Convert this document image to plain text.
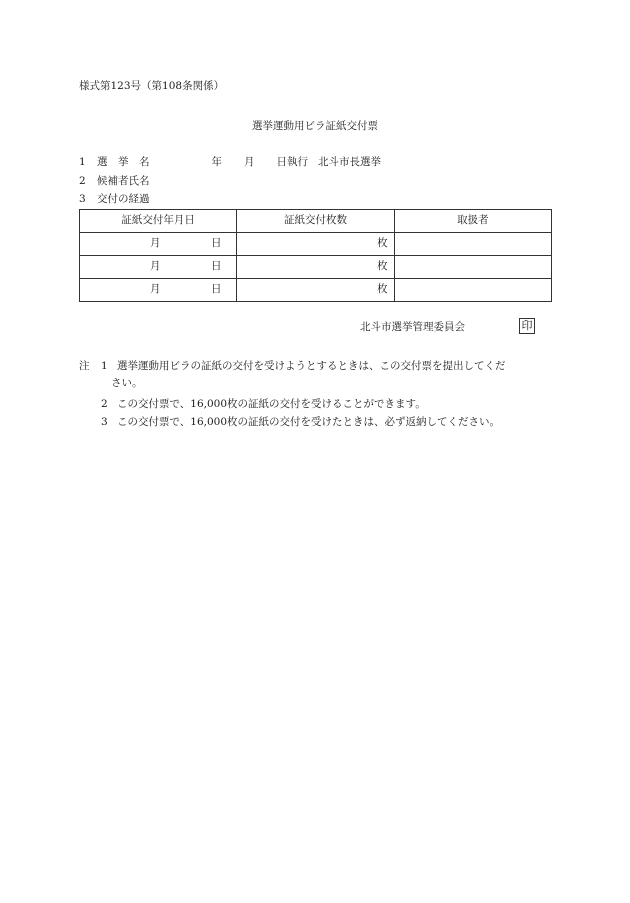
様式第123号（第108条関係）
選挙運動用ビラ証紙交付票
1 選　挙　名	年 月 日執行 北斗市長選挙
2 候補者氏名
3 交付の経過
証紙交付年月日	証紙交付枚数	取扱者

月 日	枚	

月 日	枚	

月 日	枚	
北斗市選挙管理委員会	印
注 1 選挙運動用ビラの証紙の交付を受けようとするときは、この交付票を提出してくだ
さい。
2 この交付票で、16,000枚の証紙の交付を受けることができます。
3 この交付票で、16,000枚の証紙の交付を受けたときは、必ず返納してください。
